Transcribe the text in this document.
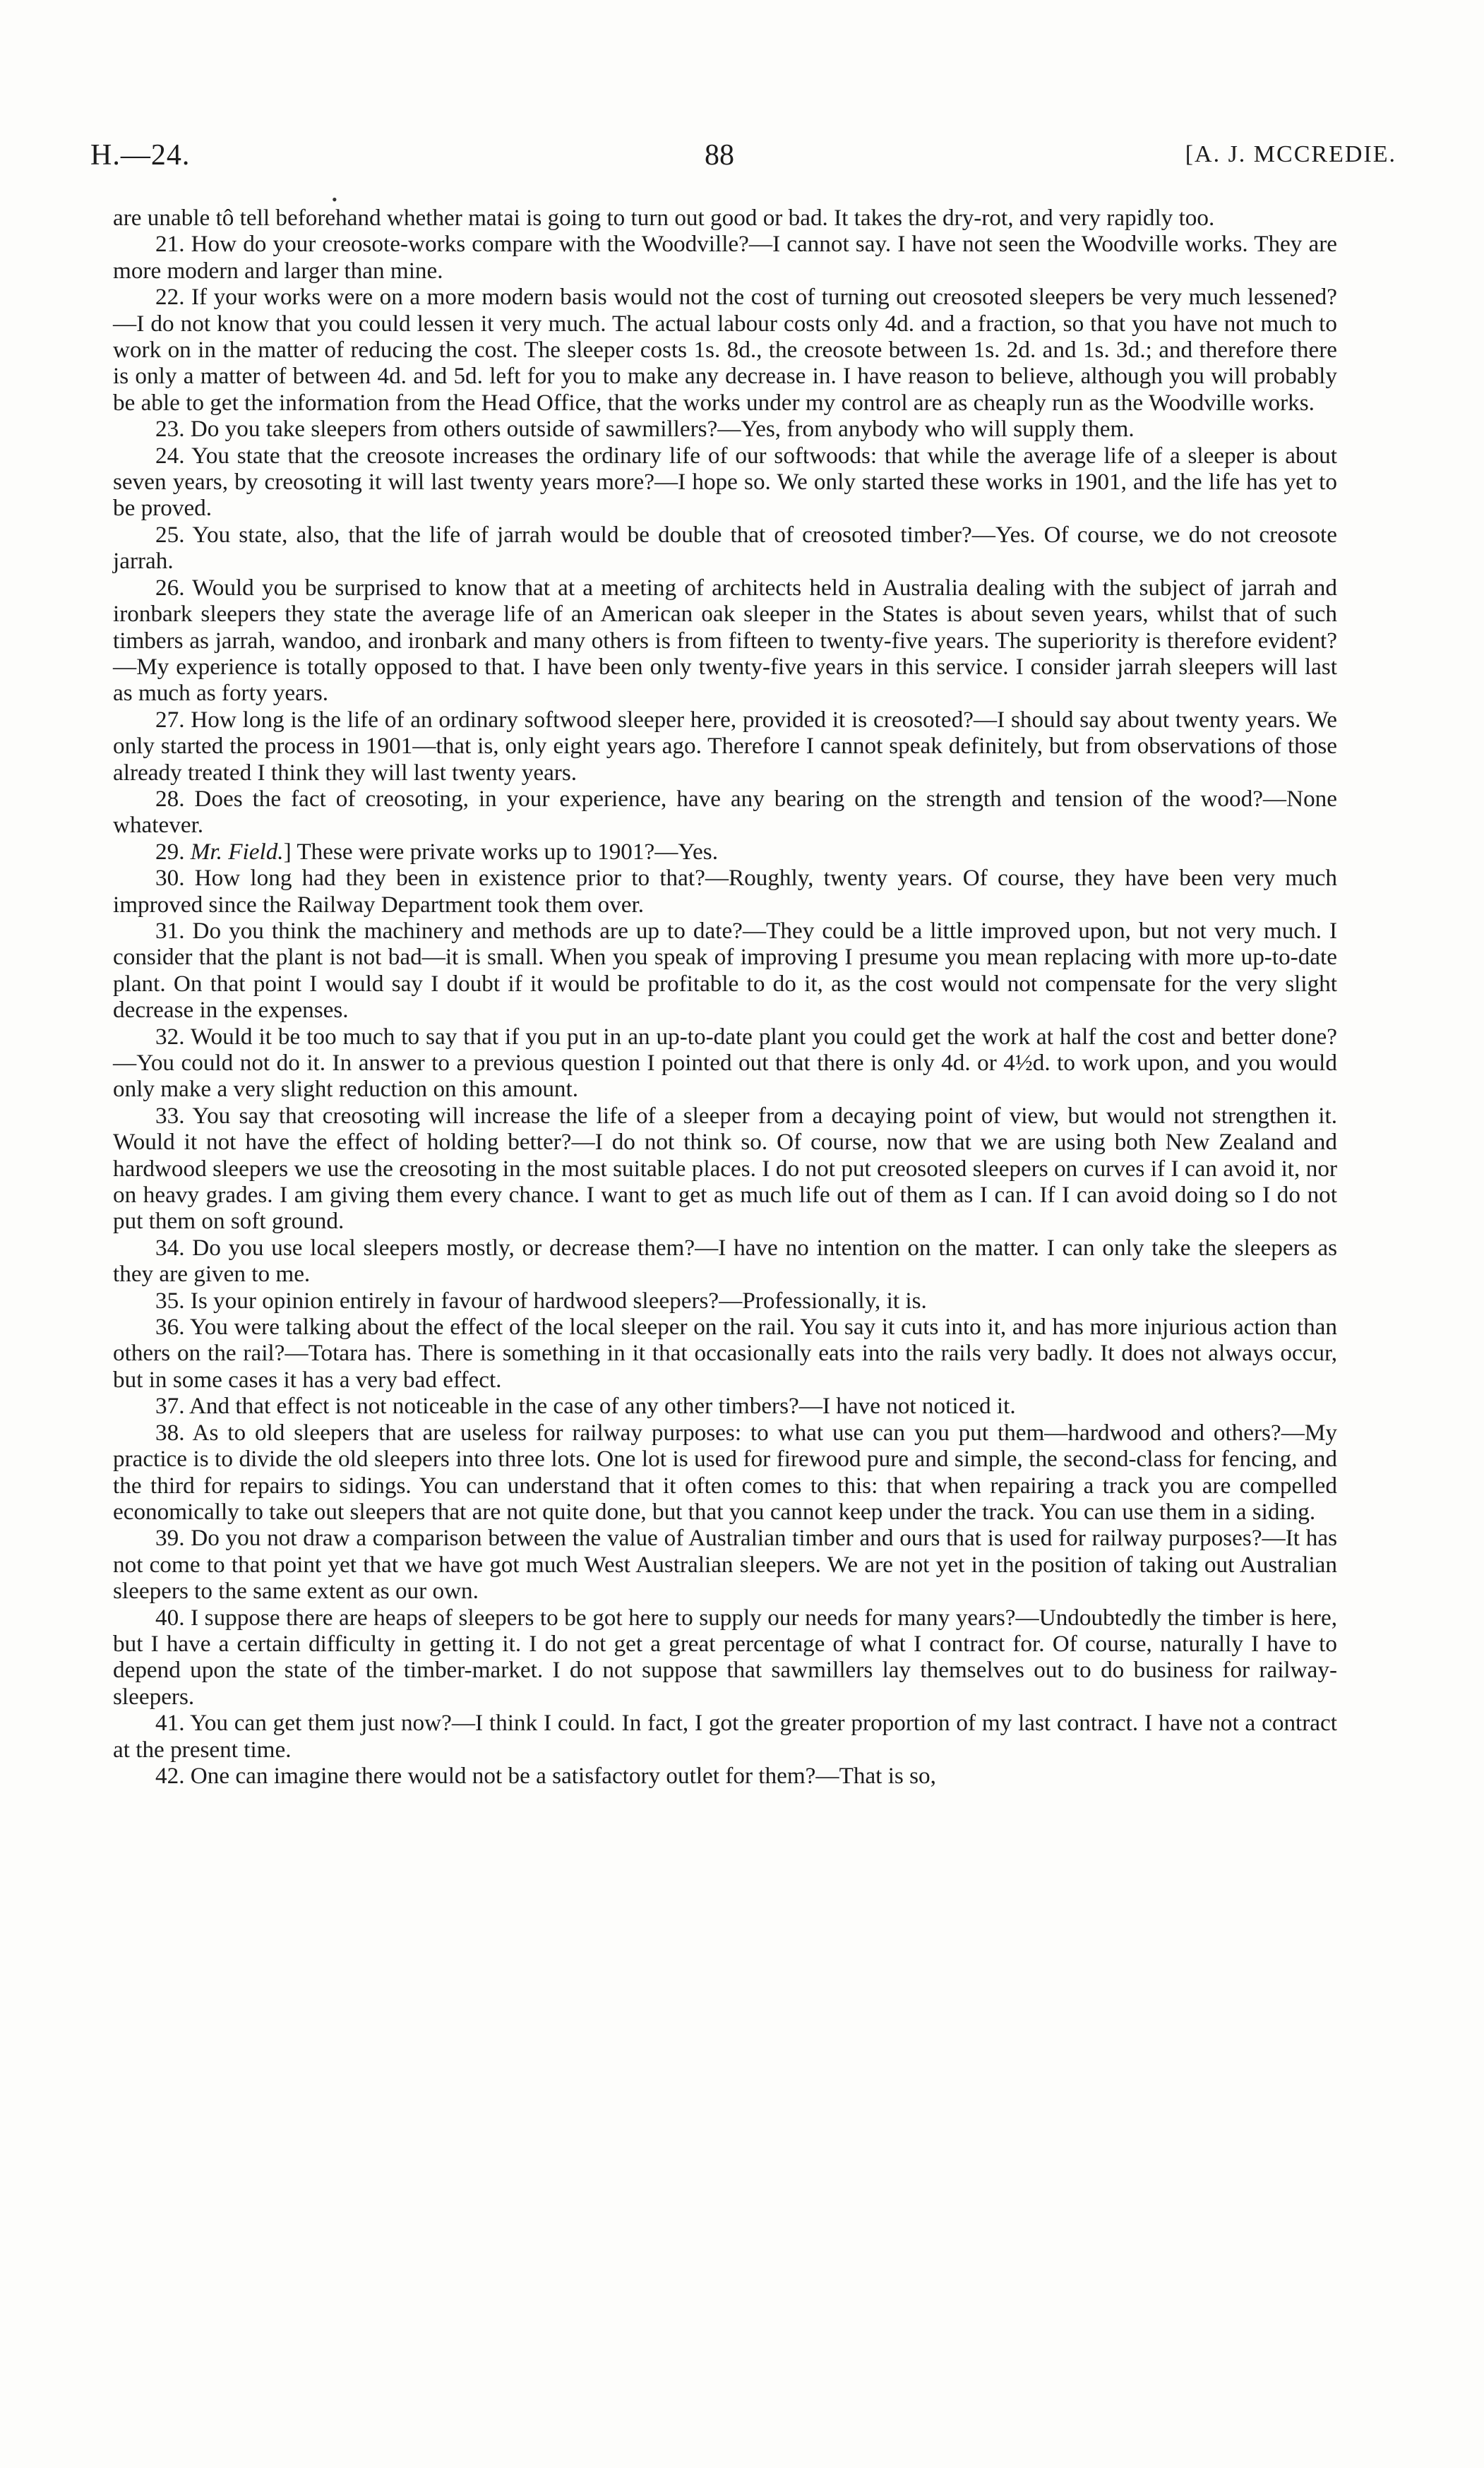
H.—24.	88	[A. J. MCCREDIE.
•

are unable tô tell beforehand whether matai is going to turn out good or bad. It takes the dry-rot, and very rapidly too.

21. How do your creosote-works compare with the Woodville?—I cannot say. I have not seen the Woodville works. They are more modern and larger than mine.

22. If your works were on a more modern basis would not the cost of turning out creosoted sleepers be very much lessened?—I do not know that you could lessen it very much. The actual labour costs only 4d. and a fraction, so that you have not much to work on in the matter of reducing the cost. The sleeper costs 1s. 8d., the creosote between 1s. 2d. and 1s. 3d.; and therefore there is only a matter of between 4d. and 5d. left for you to make any decrease in. I have reason to believe, although you will probably be able to get the information from the Head Office, that the works under my control are as cheaply run as the Woodville works.

23. Do you take sleepers from others outside of sawmillers?—Yes, from anybody who will supply them.

24. You state that the creosote increases the ordinary life of our softwoods: that while the average life of a sleeper is about seven years, by creosoting it will last twenty years more?—I hope so. We only started these works in 1901, and the life has yet to be proved.

25. You state, also, that the life of jarrah would be double that of creosoted timber?—Yes. Of course, we do not creosote jarrah.

26. Would you be surprised to know that at a meeting of architects held in Australia dealing with the subject of jarrah and ironbark sleepers they state the average life of an American oak sleeper in the States is about seven years, whilst that of such timbers as jarrah, wandoo, and ironbark and many others is from fifteen to twenty-five years. The superiority is therefore evident?—My experience is totally opposed to that. I have been only twenty-five years in this service. I consider jarrah sleepers will last as much as forty years.

27. How long is the life of an ordinary softwood sleeper here, provided it is creosoted?—I should say about twenty years. We only started the process in 1901—that is, only eight years ago. Therefore I cannot speak definitely, but from observations of those already treated I think they will last twenty years.

28. Does the fact of creosoting, in your experience, have any bearing on the strength and tension of the wood?—None whatever.

29. Mr. Field.] These were private works up to 1901?—Yes.

30. How long had they been in existence prior to that?—Roughly, twenty years. Of course, they have been very much improved since the Railway Department took them over.

31. Do you think the machinery and methods are up to date?—They could be a little improved upon, but not very much. I consider that the plant is not bad—it is small. When you speak of improving I presume you mean replacing with more up-to-date plant. On that point I would say I doubt if it would be profitable to do it, as the cost would not compensate for the very slight decrease in the expenses.

32. Would it be too much to say that if you put in an up-to-date plant you could get the work at half the cost and better done?—You could not do it. In answer to a previous question I pointed out that there is only 4d. or 4½d. to work upon, and you would only make a very slight reduction on this amount.

33. You say that creosoting will increase the life of a sleeper from a decaying point of view, but would not strengthen it. Would it not have the effect of holding better?—I do not think so. Of course, now that we are using both New Zealand and hardwood sleepers we use the creosoting in the most suitable places. I do not put creosoted sleepers on curves if I can avoid it, nor on heavy grades. I am giving them every chance. I want to get as much life out of them as I can. If I can avoid doing so I do not put them on soft ground.

34. Do you use local sleepers mostly, or decrease them?—I have no intention on the matter. I can only take the sleepers as they are given to me.

35. Is your opinion entirely in favour of hardwood sleepers?—Professionally, it is.

36. You were talking about the effect of the local sleeper on the rail. You say it cuts into it, and has more injurious action than others on the rail?—Totara has. There is something in it that occasionally eats into the rails very badly. It does not always occur, but in some cases it has a very bad effect.

37. And that effect is not noticeable in the case of any other timbers?—I have not noticed it.

38. As to old sleepers that are useless for railway purposes: to what use can you put them—hardwood and others?—My practice is to divide the old sleepers into three lots. One lot is used for firewood pure and simple, the second-class for fencing, and the third for repairs to sidings. You can understand that it often comes to this: that when repairing a track you are compelled economically to take out sleepers that are not quite done, but that you cannot keep under the track. You can use them in a siding.

39. Do you not draw a comparison between the value of Australian timber and ours that is used for railway purposes?—It has not come to that point yet that we have got much West Australian sleepers. We are not yet in the position of taking out Australian sleepers to the same extent as our own.

40. I suppose there are heaps of sleepers to be got here to supply our needs for many years?—Undoubtedly the timber is here, but I have a certain difficulty in getting it. I do not get a great percentage of what I contract for. Of course, naturally I have to depend upon the state of the timber-market. I do not suppose that sawmillers lay themselves out to do business for railway-sleepers.

41. You can get them just now?—I think I could. In fact, I got the greater proportion of my last contract. I have not a contract at the present time.

42. One can imagine there would not be a satisfactory outlet for them?—That is so,
